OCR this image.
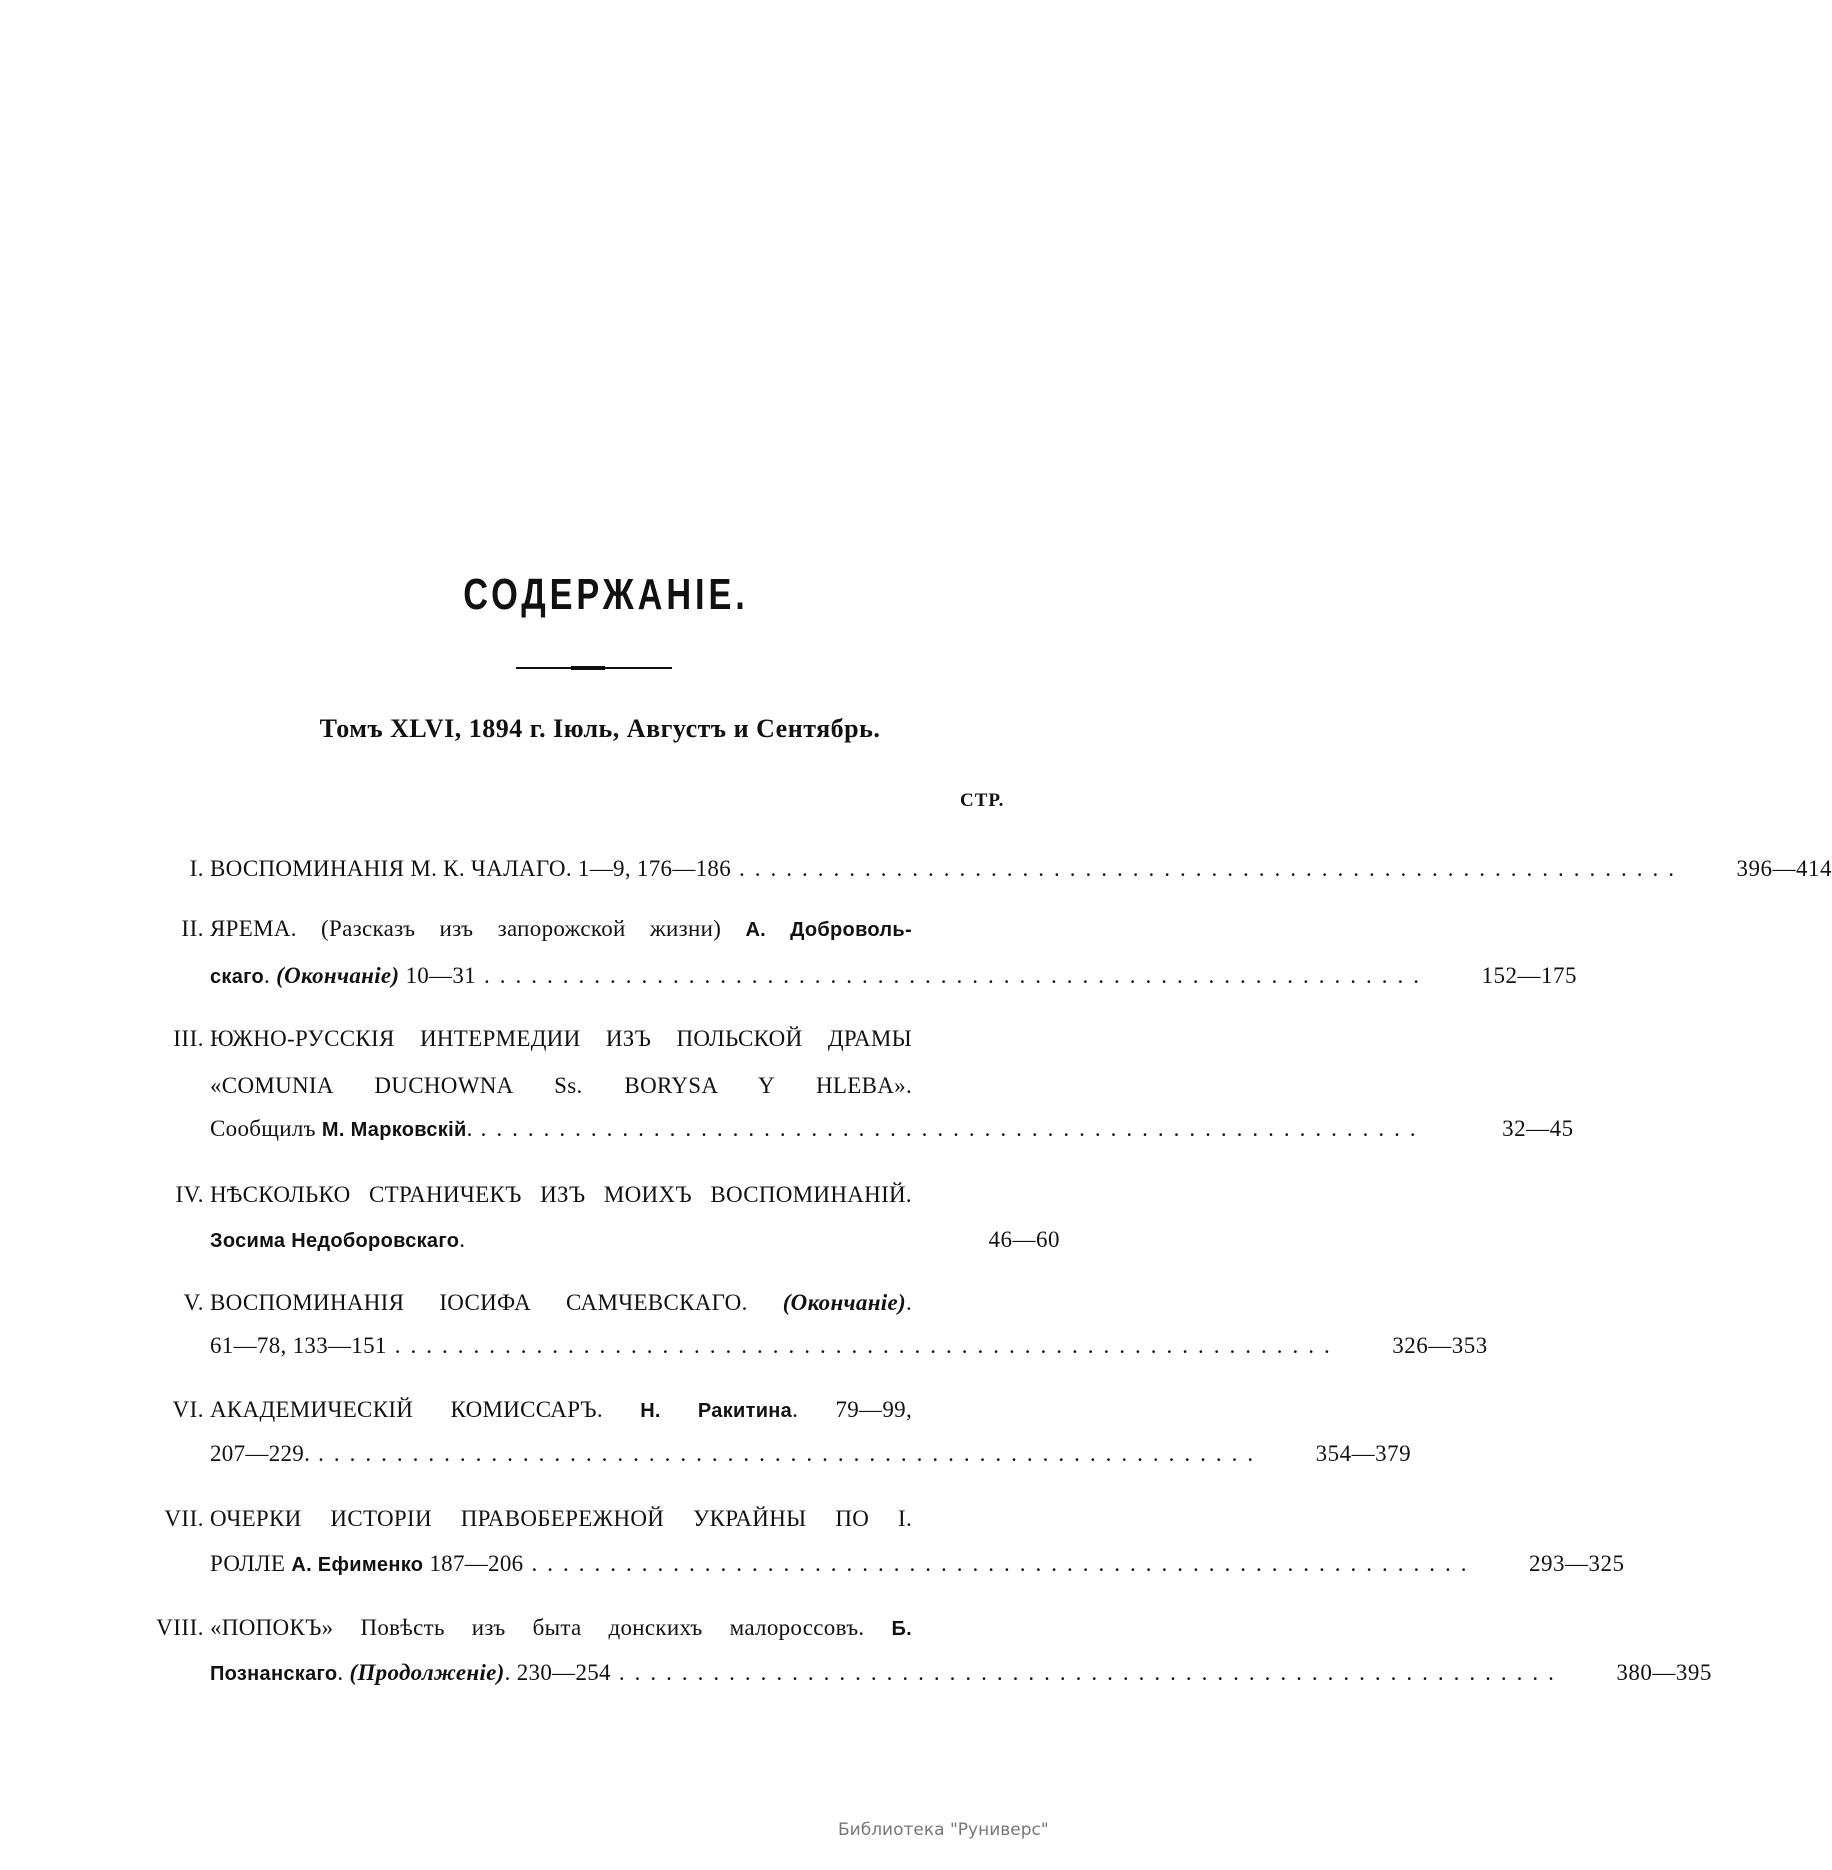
СОДЕРЖАНІЕ.
Томъ XLVI, 1894 г. Іюль, Августъ и Сентябрь.
СТР.
I. ВОСПОМИНАНІЯ М. К. ЧАЛАГО. 1—9, 176—186 ............................................................	396—414
II. ЯРЕМА. (Разсказъ изъ запорожской жизни) А. Доброволь-
скаго. (Окончаніе) 10—31 ............................................................	152—175
III. ЮЖНО-РУССКІЯ ИНТЕРМЕДИИ ИЗЪ ПОЛЬСКОЙ ДРАМЫ
«COMUNIA DUCHOWNA Ss. BORYSA Y HLEBA».
Сообщилъ М. Марковскій. ............................................................	32—45
IV. НѢСКОЛЬКО СТРАНИЧЕКЪ ИЗЪ МОИХЪ ВОСПОМИНАНІЙ.
Зосима Недоборовскаго.	46—60
V. ВОСПОМИНАНІЯ ІОСИФА САМЧЕВСКАГО. (Окончаніе).
61—78, 133—151 ............................................................	326—353
VI. АКАДЕМИЧЕСКІЙ КОМИССАРЪ. Н. Ракитина. 79—99,
207—229. ............................................................	354—379
VII. ОЧЕРКИ ИСТОРІИ ПРАВОБЕРЕЖНОЙ УКРАЙНЫ ПО І.
РОЛЛЕ А. Ефименко 187—206 ............................................................	293—325
VIII. «ПОПОКЪ» Повѣсть изъ быта донскихъ малороссовъ. Б.
Познанскаго. (Продолженіе). 230—254 ............................................................	380—395
Библиотека "Руниверс"
